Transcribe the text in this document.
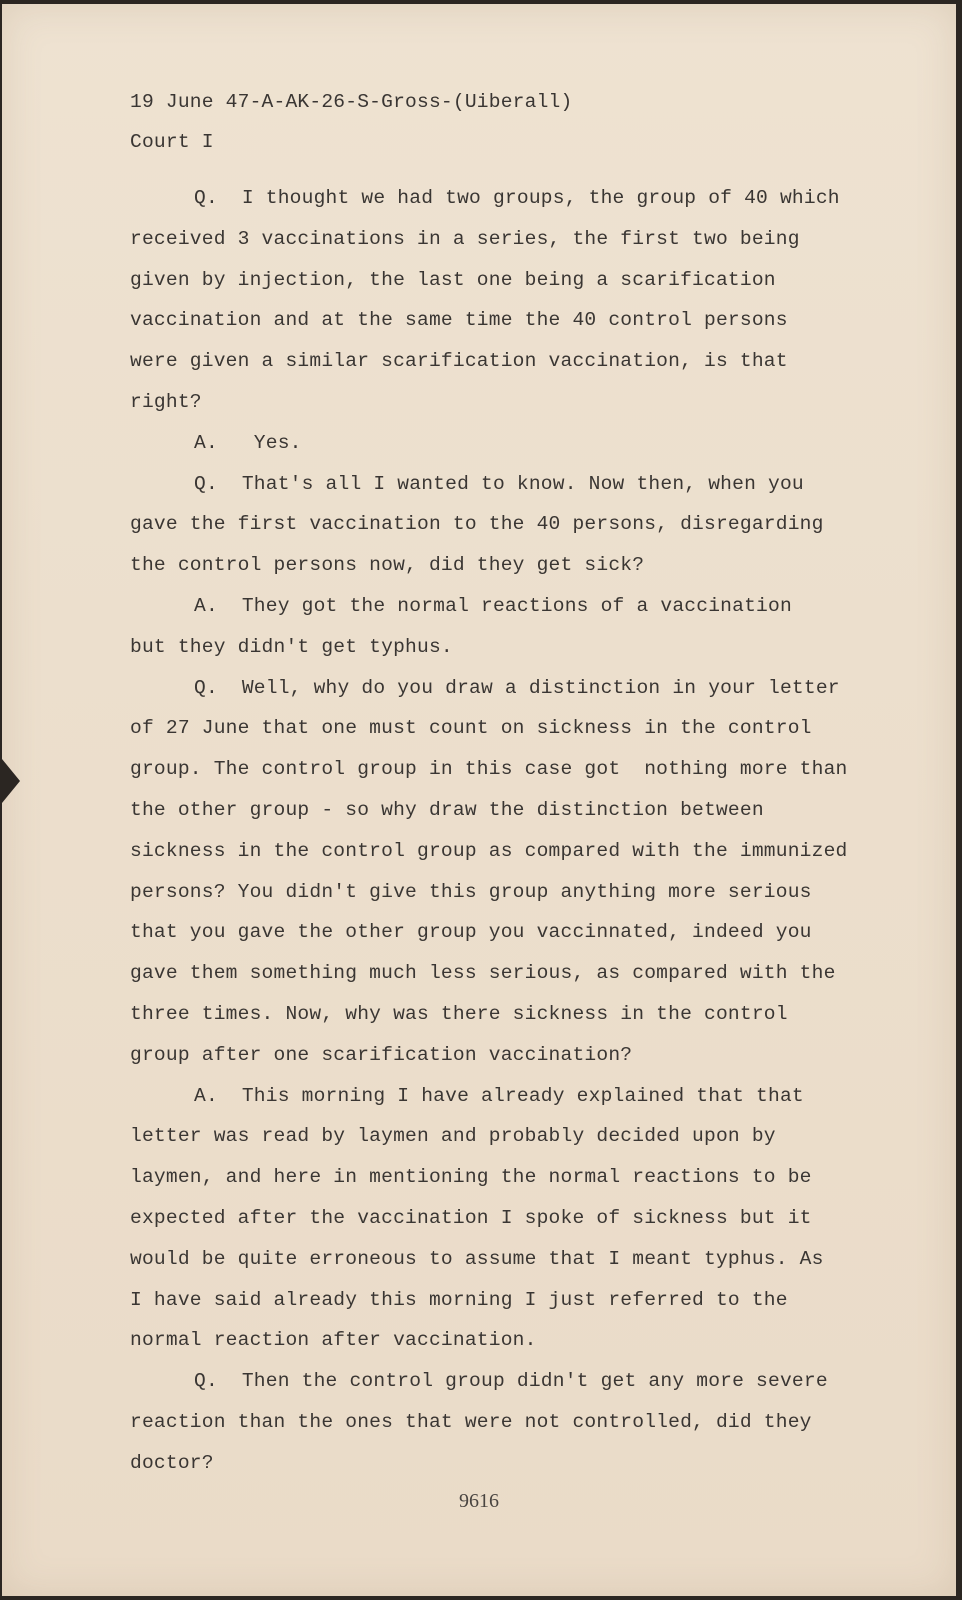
19 June 47-A-AK-26-S-Gross-(Uiberall)
Court I
Q.  I thought we had two groups, the group of 40 which
received 3 vaccinations in a series, the first two being
given by injection, the last one being a scarification
vaccination and at the same time the 40 control persons
were given a similar scarification vaccination, is that
right?
A.   Yes.
Q.  That's all I wanted to know. Now then, when you
gave the first vaccination to the 40 persons, disregarding
the control persons now, did they get sick?
A.  They got the normal reactions of a vaccination
but they didn't get typhus.
Q.  Well, why do you draw a distinction in your letter
of 27 June that one must count on sickness in the control
group. The control group in this case got  nothing more than
the other group - so why draw the distinction between
sickness in the control group as compared with the immunized
persons? You didn't give this group anything more serious
that you gave the other group you vaccinnated, indeed you
gave them something much less serious, as compared with the
three times. Now, why was there sickness in the control
group after one scarification vaccination?
A.  This morning I have already explained that that
letter was read by laymen and probably decided upon by
laymen, and here in mentioning the normal reactions to be
expected after the vaccination I spoke of sickness but it
would be quite erroneous to assume that I meant typhus. As
I have said already this morning I just referred to the
normal reaction after vaccination.
Q.  Then the control group didn't get any more severe
reaction than the ones that were not controlled, did they
doctor?
9616
